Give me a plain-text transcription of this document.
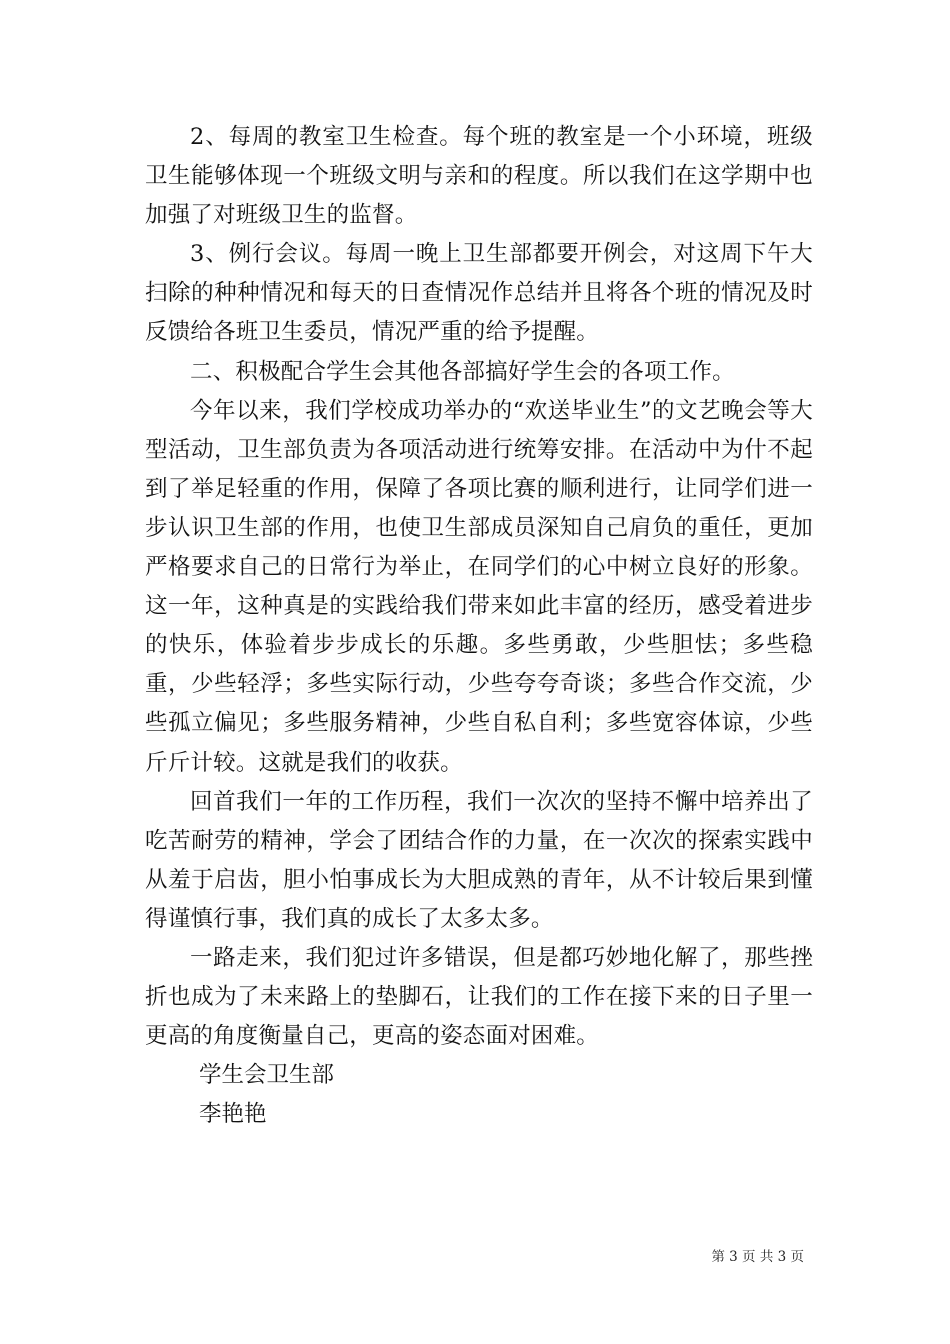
2、每周的教室卫生检查。每个班的教室是一个小环境，班级卫生能够体现一个班级文明与亲和的程度。所以我们在这学期中也加强了对班级卫生的监督。

3、例行会议。每周一晚上卫生部都要开例会，对这周下午大扫除的种种情况和每天的日查情况作总结并且将各个班的情况及时反馈给各班卫生委员，情况严重的给予提醒。

二、积极配合学生会其他各部搞好学生会的各项工作。

今年以来，我们学校成功举办的“欢送毕业生”的文艺晚会等大型活动，卫生部负责为各项活动进行统筹安排。在活动中为什不起到了举足轻重的作用，保障了各项比赛的顺利进行，让同学们进一步认识卫生部的作用，也使卫生部成员深知自己肩负的重任，更加严格要求自己的日常行为举止，在同学们的心中树立良好的形象。这一年，这种真是的实践给我们带来如此丰富的经历，感受着进步的快乐，体验着步步成长的乐趣。多些勇敢，少些胆怯；多些稳重，少些轻浮；多些实际行动，少些夸夸奇谈；多些合作交流，少些孤立偏见；多些服务精神，少些自私自利；多些宽容体谅，少些斤斤计较。这就是我们的收获。

回首我们一年的工作历程，我们一次次的坚持不懈中培养出了吃苦耐劳的精神，学会了团结合作的力量，在一次次的探索实践中从羞于启齿，胆小怕事成长为大胆成熟的青年，从不计较后果到懂得谨慎行事，我们真的成长了太多太多。

一路走来，我们犯过许多错误，但是都巧妙地化解了，那些挫折也成为了未来路上的垫脚石，让我们的工作在接下来的日子里一更高的角度衡量自己，更高的姿态面对困难。

学生会卫生部

李艳艳

第 3 页 共 3 页
